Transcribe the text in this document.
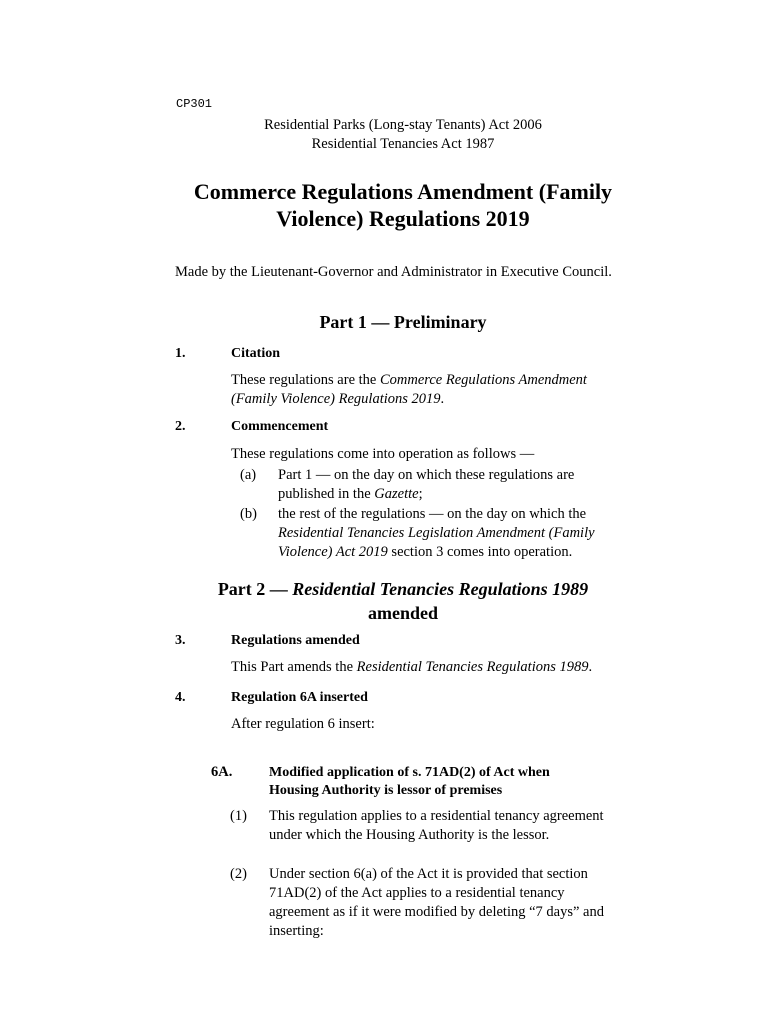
CP301
Residential Parks (Long-stay Tenants) Act 2006
Residential Tenancies Act 1987
Commerce Regulations Amendment (Family
Violence) Regulations 2019
Made by the Lieutenant-Governor and Administrator in Executive Council.
Part 1 — Preliminary
1.	Citation
These regulations are the Commerce Regulations Amendment (Family Violence) Regulations 2019.
2.	Commencement
These regulations come into operation as follows —
(a) Part 1 — on the day on which these regulations are published in the Gazette;
(b) the rest of the regulations — on the day on which the Residential Tenancies Legislation Amendment (Family Violence) Act 2019 section 3 comes into operation.
Part 2 — Residential Tenancies Regulations 1989
amended
3.	Regulations amended
This Part amends the Residential Tenancies Regulations 1989.
4.	Regulation 6A inserted
After regulation 6 insert:
6A.	Modified application of s. 71AD(2) of Act when Housing Authority is lessor of premises
(1) This regulation applies to a residential tenancy agreement under which the Housing Authority is the lessor.
(2) Under section 6(a) of the Act it is provided that section 71AD(2) of the Act applies to a residential tenancy agreement as if it were modified by deleting “7 days” and inserting:
